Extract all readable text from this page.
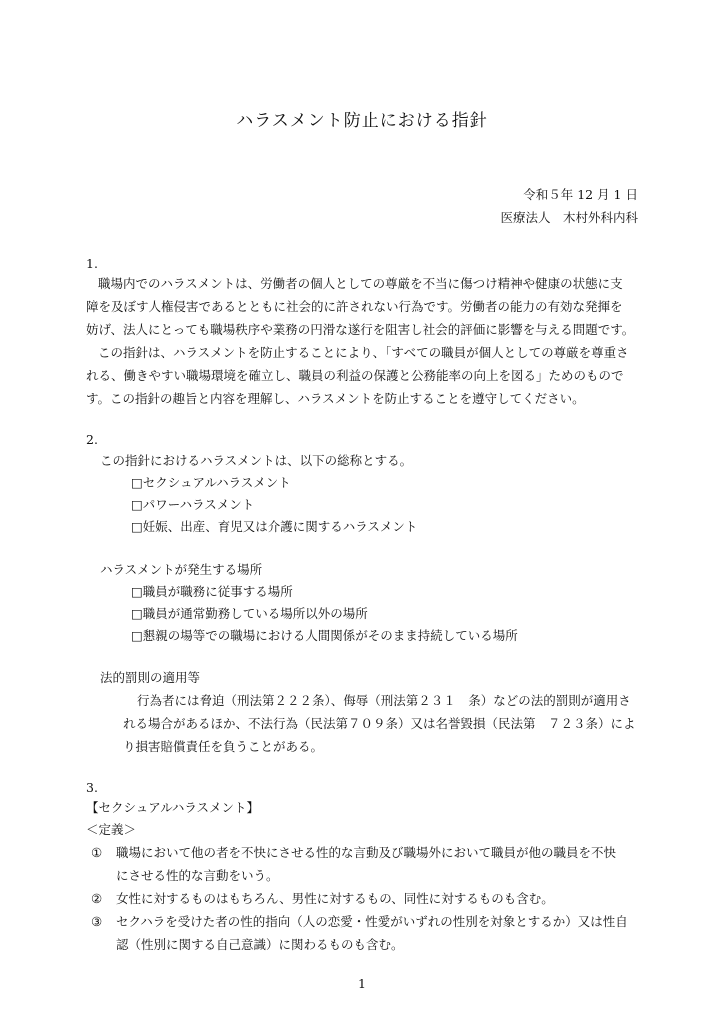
ハラスメント防止における指針
令和５年 12 月 1 日
医療法人　木村外科内科
1.
職場内でのハラスメントは、労働者の個人としての尊厳を不当に傷つけ精神や健康の状態に支
障を及ぼす人権侵害であるとともに社会的に許されない行為です。労働者の能力の有効な発揮を
妨げ、法人にとっても職場秩序や業務の円滑な遂行を阻害し社会的評価に影響を与える問題です。
この指針は、ハラスメントを防止することにより、「すべての職員が個人としての尊厳を尊重さ
れる、働きやすい職場環境を確立し、職員の利益の保護と公務能率の向上を図る」ためのもので
す。この指針の趣旨と内容を理解し、ハラスメントを防止することを遵守してください。
2.
この指針におけるハラスメントは、以下の総称とする。
□セクシュアルハラスメント
□パワーハラスメント
□妊娠、出産、育児又は介護に関するハラスメント
ハラスメントが発生する場所
□職員が職務に従事する場所
□職員が通常勤務している場所以外の場所
□懇親の場等での職場における人間関係がそのまま持続している場所
法的罰則の適用等
行為者には脅迫（刑法第２２２条）、侮辱（刑法第２３１　条）などの法的罰則が適用さ
れる場合があるほか、不法行為（民法第７０９条）又は名誉毀損（民法第　７２３条）によ
り損害賠償責任を負うことがある。
3.
【セクシュアルハラスメント】
＜定義＞
① 職場において他の者を不快にさせる性的な言動及び職場外において職員が他の職員を不快
にさせる性的な言動をいう。
② 女性に対するものはもちろん、男性に対するもの、同性に対するものも含む。
③ セクハラを受けた者の性的指向（人の恋愛・性愛がいずれの性別を対象とするか）又は性自
認（性別に関する自己意識）に関わるものも含む。
1
